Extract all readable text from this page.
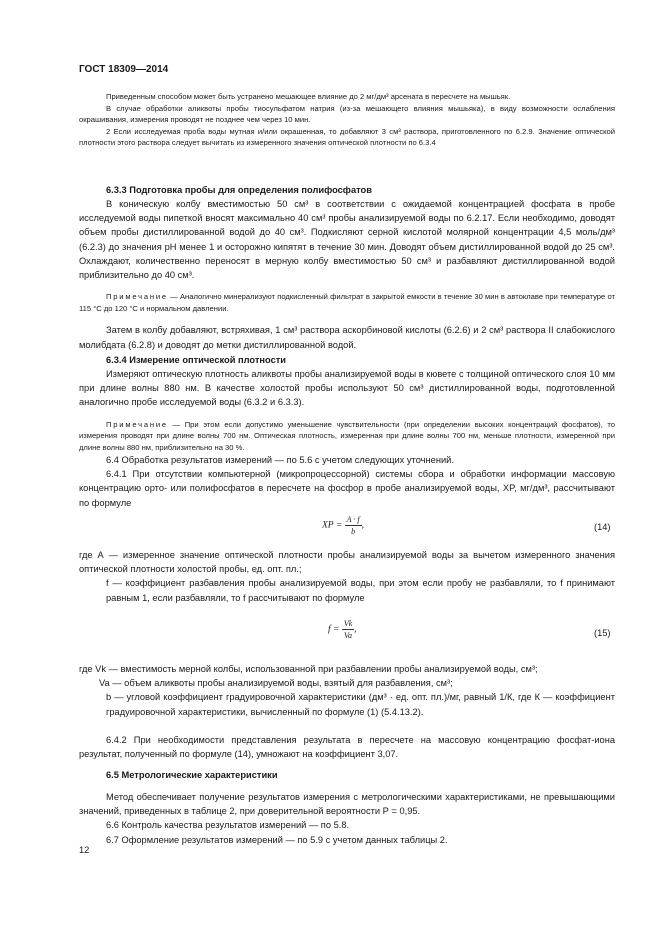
ГОСТ 18309—2014

Приведенным способом может быть устранено мешающее влияние до 2 мг/дм³ арсената в пересчете на мышьяк.

В случае обработки аликвоты пробы тиосульфатом натрия (из-за мешающего влияния мышьяка), в виду возможности ослабления окрашивания, измерения проводят не позднее чем через 10 мин.

2 Если исследуемая проба воды мутная и/или окрашенная, то добавляют 3 см³ раствора, приготовленного по 6.2.9. Значение оптической плотности этого раствора следует вычитать из измеренного значения оптической плотности по 6.3.4

6.3.3 Подготовка пробы для определения полифосфатов

В коническую колбу вместимостью 50 см³ в соответствии с ожидаемой концентрацией фосфата в пробе исследуемой воды пипеткой вносят максимально 40 см³ пробы анализируемой воды по 6.2.17. Если необходимо, доводят объем пробы дистиллированной водой до 40 см³. Подкисляют серной кислотой молярной концентрации 4,5 моль/дм³ (6.2.3) до значения рН менее 1 и осторожно кипятят в течение 30 мин. Доводят объем дистиллированной водой до 25 см³. Охлаждают, количественно переносят в мерную колбу вместимостью 50 см³ и разбавляют дистиллированной водой приблизительно до 40 см³.

Примечание — Аналогично минерализуют подкисленный фильтрат в закрытой емкости в течение 30 мин в автоклаве при температуре от 115 °С до 120 °С и нормальном давлении.

Затем в колбу добавляют, встряхивая, 1 см³ раствора аскорбиновой кислоты (6.2.6) и 2 см³ раствора II слабокислого молибдата (6.2.8) и доводят до метки дистиллированной водой.

6.3.4 Измерение оптической плотности

Измеряют оптическую плотность аликвоты пробы анализируемой воды в кювете с толщиной оптического слоя 10 мм при длине волны 880 нм. В качестве холостой пробы используют 50 см³ дистиллированной воды, подготовленной аналогично пробе исследуемой воды (6.3.2 и 6.3.3).

Примечание — При этом если допустимо уменьшение чувствительности (при определении высоких концентраций фосфатов), то измерения проводят при длине волны 700 нм. Оптическая плотность, измеренная при длине волны 700 нм, меньше плотности, измеренной при длине волны 880 нм, приблизительно на 30 %.

6.4 Обработка результатов измерений — по 5.6 с учетом следующих уточнений.

6.4.1 При отсутствии компьютерной (микропроцессорной) системы сбора и обработки информации массовую концентрацию орто- или полифосфатов в пересчете на фосфор в пробе анализируемой воды, XP, мг/дм³, рассчитывают по формуле

XP = $\frac{A \cdot f}{b}$ ,	(14)

где А — измеренное значение оптической плотности пробы анализируемой воды за вычетом измеренного значения оптической плотности холостой пробы, ед. опт. пл.;

f — коэффициент разбавления пробы анализируемой воды, при этом если пробу не разбавляли, то f принимают равным 1, если разбавляли, то f рассчитывают по формуле

$f = \frac{Vk}{Va}$ ,	(15)

где Vk — вместимость мерной колбы, использованной при разбавлении пробы анализируемой воды, см³;

Va — объем аликвоты пробы анализируемой воды, взятый для разбавления, см³;

b — угловой коэффициент градуировочной характеристики (дм³ · ед. опт. пл.)/мг, равный 1/К, где К — коэффициент градуировочной характеристики, вычисленный по формуле (1) (5.4.13.2).

6.4.2 При необходимости представления результата в пересчете на массовую концентрацию фосфат-иона результат, полученный по формуле (14), умножают на коэффициент 3,07.

6.5 Метрологические характеристики

Метод обеспечивает получение результатов измерения с метрологическими характеристиками, не превышающими значений, приведенных в таблице 2, при доверительной вероятности Р = 0,95.

6.6 Контроль качества результатов измерений — по 5.8.

6.7 Оформление результатов измерений — по 5.9 с учетом данных таблицы 2.

12
